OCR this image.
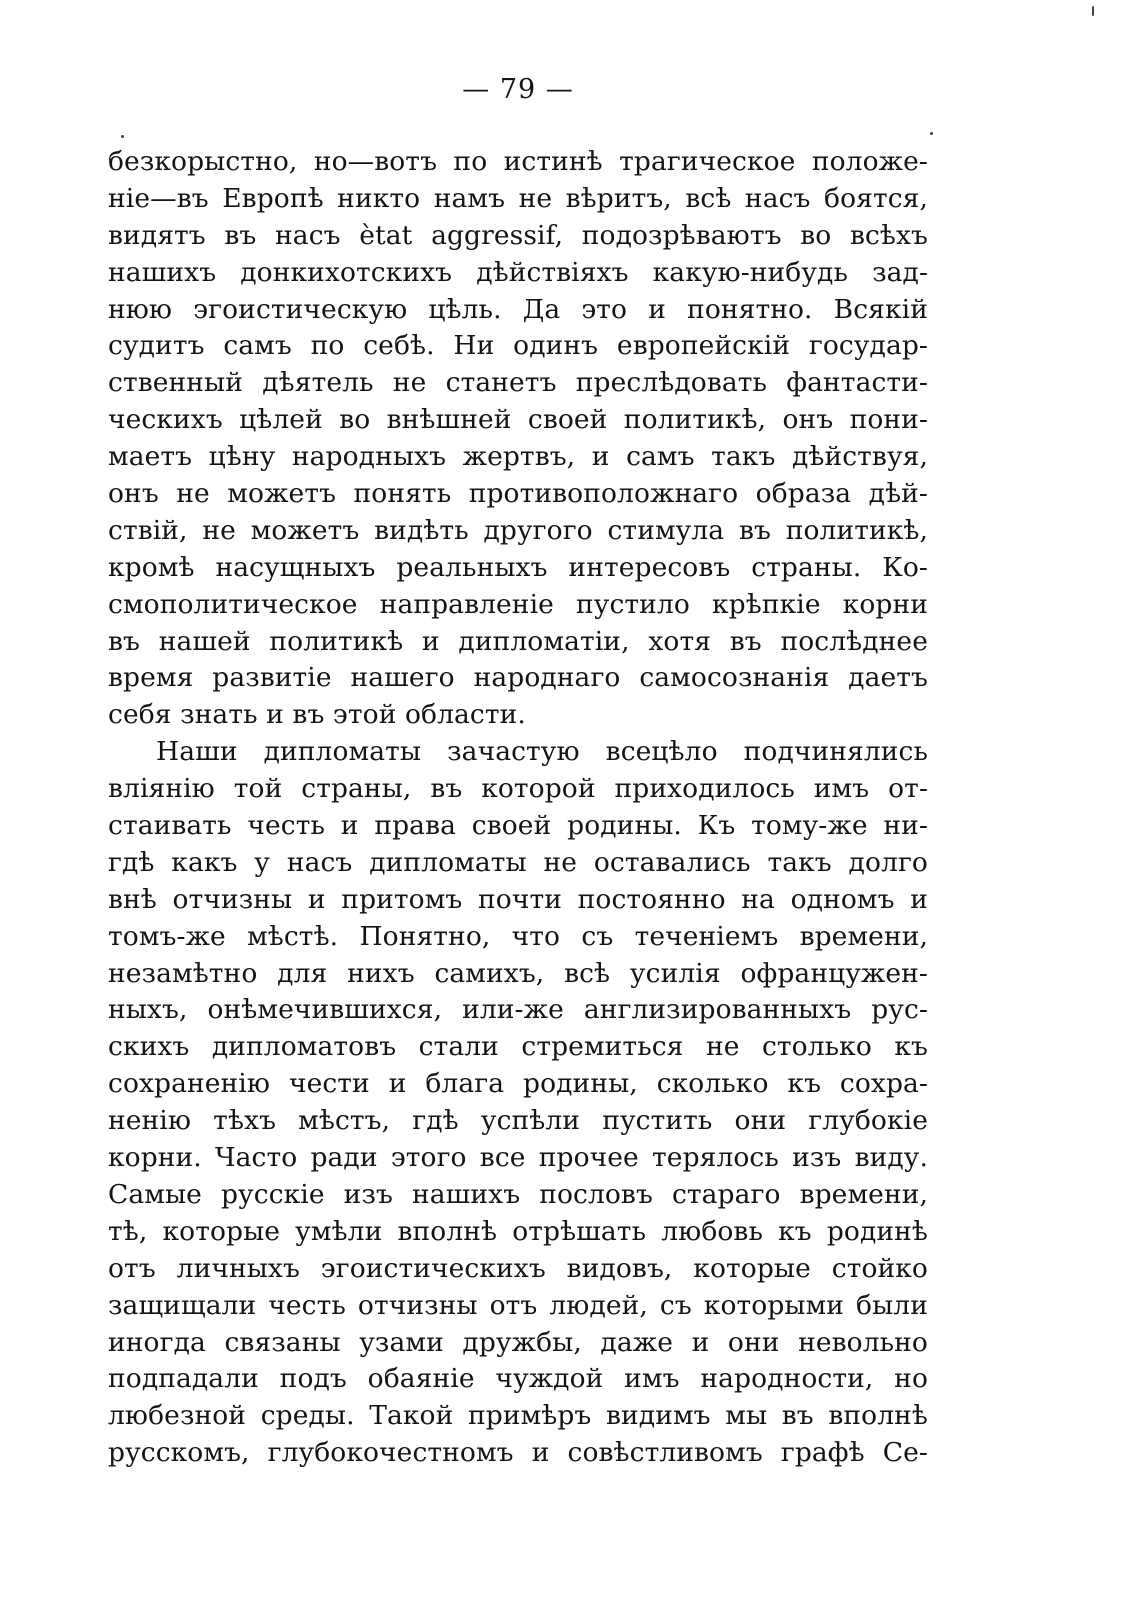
— 79 —
безкорыстно, но—вотъ по истинѣ трагическое положе-
ніе—въ Европѣ никто намъ не вѣритъ, всѣ насъ боятся,
видятъ въ насъ ètat aggressif, подозрѣваютъ во всѣхъ
нашихъ донкихотскихъ дѣйствіяхъ какую-нибудь зад-
нюю эгоистическую цѣль. Да это и понятно. Всякій
судитъ самъ по себѣ. Ни одинъ европейскій государ-
ственный дѣятель не станетъ преслѣдовать фантасти-
ческихъ цѣлей во внѣшней своей политикѣ, онъ пони-
маетъ цѣну народныхъ жертвъ, и самъ такъ дѣйствуя,
онъ не можетъ понять противоположнаго образа дѣй-
ствій, не можетъ видѣть другого стимула въ политикѣ,
кромѣ насущныхъ реальныхъ интересовъ страны. Ко-
смополитическое направленіе пустило крѣпкіе корни
въ нашей политикѣ и дипломатіи, хотя въ послѣднее
время развитіе нашего народнаго самосознанія даетъ
себя знать и въ этой области.
Наши дипломаты зачастую всецѣло подчинялись
вліянію той страны, въ которой приходилось имъ от-
стаивать честь и права своей родины. Къ тому-же ни-
гдѣ какъ у насъ дипломаты не оставались такъ долго
внѣ отчизны и притомъ почти постоянно на одномъ и
томъ-же мѣстѣ. Понятно, что съ теченіемъ времени,
незамѣтно для нихъ самихъ, всѣ усилія офранцужен-
ныхъ, онѣмечившихся, или-же англизированныхъ рус-
скихъ дипломатовъ стали стремиться не столько къ
сохраненію чести и блага родины, сколько къ сохра-
ненію тѣхъ мѣстъ, гдѣ успѣли пустить они глубокіе
корни. Часто ради этого все прочее терялось изъ виду.
Самые русскіе изъ нашихъ пословъ стараго времени,
тѣ, которые умѣли вполнѣ отрѣшать любовь къ родинѣ
отъ личныхъ эгоистическихъ видовъ, которые стойко
защищали честь отчизны отъ людей, съ которыми были
иногда связаны узами дружбы, даже и они невольно
подпадали подъ обаяніе чуждой имъ народности, но
любезной среды. Такой примѣръ видимъ мы въ вполнѣ
русскомъ, глубокочестномъ и совѣстливомъ графѣ Се-
